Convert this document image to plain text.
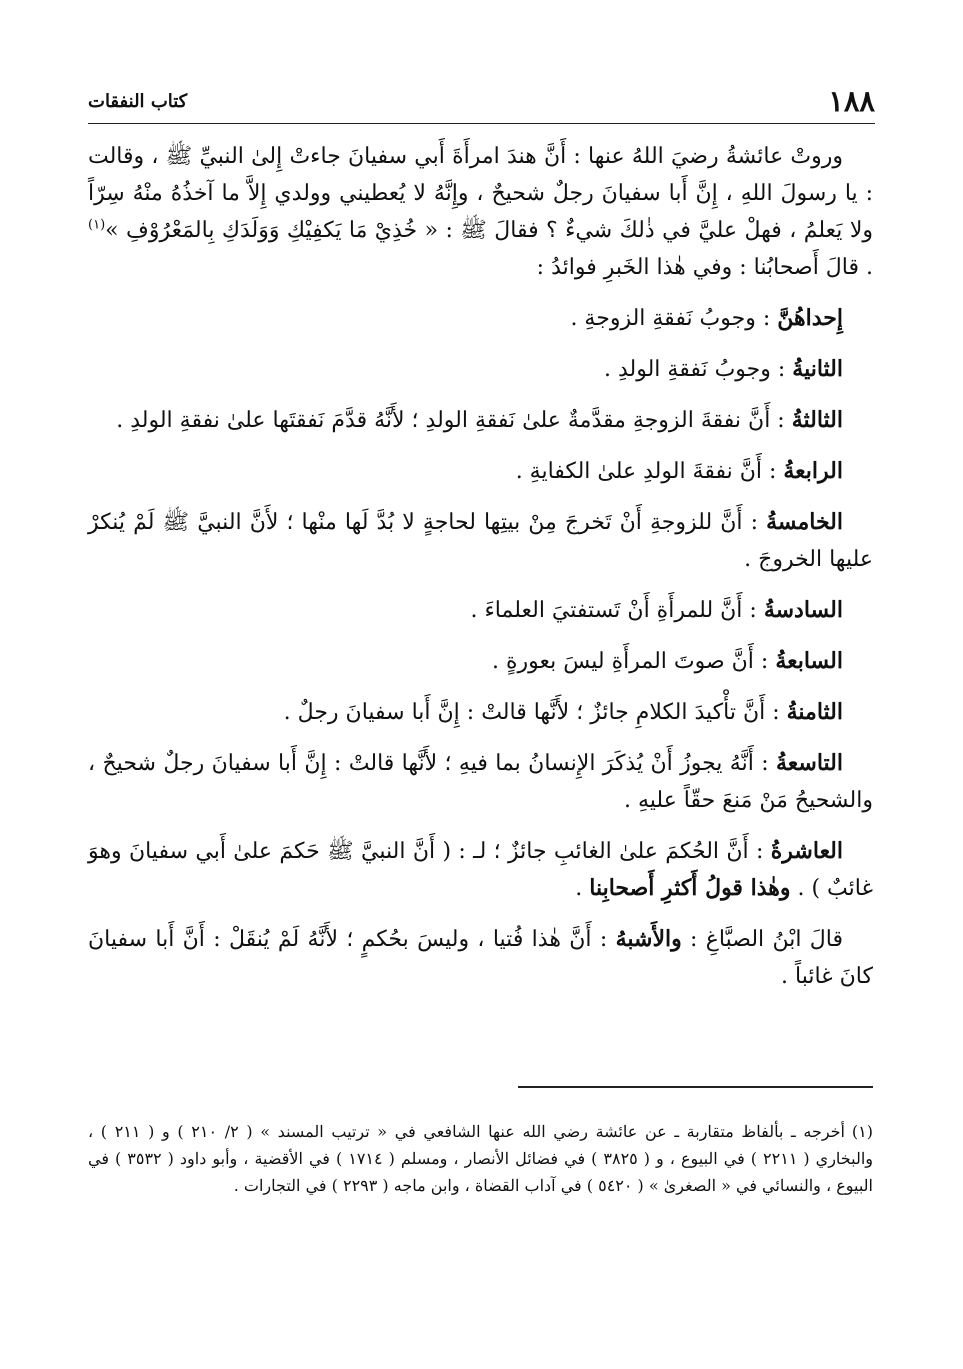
١٨٨
كتاب النفقات

وروتْ عائشةُ رضيَ اللهُ عنها : أَنَّ هندَ امرأَةَ أَبي سفيانَ جاءتْ إِلىٰ النبيِّ ﷺ ، وقالت : يا رسولَ اللهِ ، إِنَّ أَبا سفيانَ رجلٌ شحيحٌ ، وإِنَّهُ لا يُعطيني وولدي إِلاَّ ما آخذُهُ منْهُ سِرّاً ولا يَعلمُ ، فهلْ عليَّ في ذٰلكَ شيءٌ ؟ فقالَ ﷺ : « خُذِيْ مَا يَكفِيْكِ وَوَلَدَكِ بِالمَعْرُوْفِ »$^{(١)}$ . قالَ أَصحابُنا : وفي هٰذا الخَبرِ فوائدُ :

إِحداهُنَّ : وجوبُ نَفقةِ الزوجةِ .

الثانيةُ : وجوبُ نَفقةِ الولدِ .

الثالثةُ : أَنَّ نفقةَ الزوجةِ مقدَّمةٌ علىٰ نَفقةِ الولدِ ؛ لأَنَّهُ قدَّمَ نَفقتَها علىٰ نفقةِ الولدِ .

الرابعةُ : أَنَّ نفقةَ الولدِ علىٰ الكفايةِ .

الخامسةُ : أَنَّ للزوجةِ أَنْ تَخرجَ مِنْ بيتِها لحاجةٍ لا بُدَّ لَها منْها ؛ لأَنَّ النبيَّ ﷺ لَمْ يُنكرْ عليها الخروجَ .

السادسةُ : أَنَّ للمرأَةِ أَنْ تَستفتيَ العلماءَ .

السابعةُ : أَنَّ صوتَ المرأَةِ ليسَ بعورةٍ .

الثامنةُ : أَنَّ تأْكيدَ الكلامِ جائزٌ ؛ لأَنَّها قالتْ : إِنَّ أَبا سفيانَ رجلٌ .

التاسعةُ : أَنَّهُ يجوزُ أَنْ يُذكَرَ الإِنسانُ بما فيهِ ؛ لأَنَّها قالتْ : إِنَّ أَبا سفيانَ رجلٌ شحيحٌ ، والشحيحُ مَنْ مَنعَ حقّاً عليهِ .

العاشرةُ : أَنَّ الحُكمَ علىٰ الغائبِ جائزٌ ؛ لـ : ( أَنَّ النبيَّ ﷺ حَكمَ علىٰ أَبي سفيانَ وهوَ غائبٌ ) . وهٰذا قولُ أَكثرِ أَصحابِنا .

قالَ ابْنُ الصبَّاغِ : والأَشبهُ : أَنَّ هٰذا فُتيا ، وليسَ بحُكمٍ ؛ لأَنَّهُ لَمْ يُنقَلْ : أَنَّ أَبا سفيانَ كانَ غائباً .

(١)أخرجه ـ بألفاظ متقاربة ـ عن عائشة رضي الله عنها الشافعي في « ترتيب المسند » ( ٢/ ٢١٠ ) و ( ٢١١ ) ، والبخاري ( ٢٢١١ ) في البيوع ، و ( ٣٨٢٥ ) في فضائل الأنصار ، ومسلم ( ١٧١٤ ) في الأقضية ، وأبو داود ( ٣٥٣٢ ) في البيوع ، والنسائي في « الصغرىٰ » ( ٥٤٢٠ ) في آداب القضاة ، وابن ماجه ( ٢٢٩٣ ) في التجارات .
